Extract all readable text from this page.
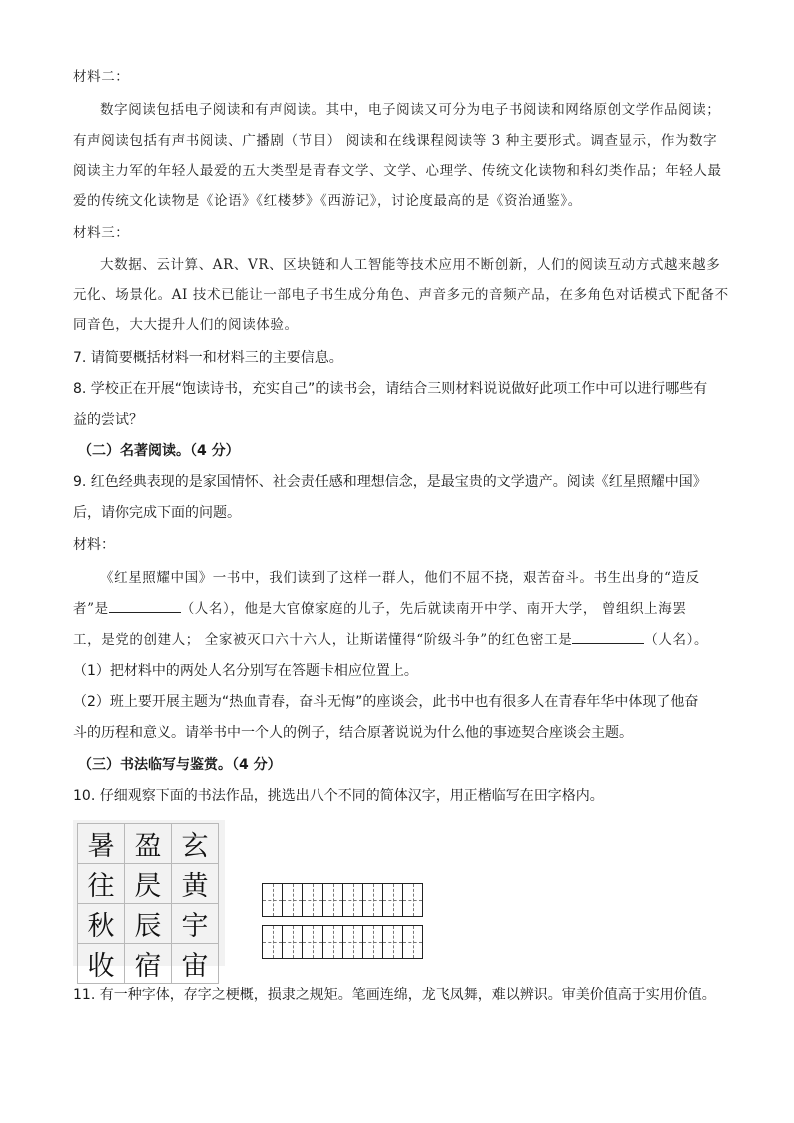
材料二：
数字阅读包括电子阅读和有声阅读。其中，电子阅读又可分为电子书阅读和网络原创文学作品阅读；
有声阅读包括有声书阅读、广播剧（节目） 阅读和在线课程阅读等 3 种主要形式。调查显示，作为数字
阅读主力军的年轻人最爱的五大类型是青春文学、文学、心理学、传统文化读物和科幻类作品；年轻人最
爱的传统文化读物是《论语》《红楼梦》《西游记》，讨论度最高的是《资治通鉴》。
材料三：
大数据、云计算、AR、VR、区块链和人工智能等技术应用不断创新，人们的阅读互动方式越来越多
元化、场景化。AI 技术已能让一部电子书生成分角色、声音多元的音频产品，在多角色对话模式下配备不
同音色，大大提升人们的阅读体验。
7. 请简要概括材料一和材料三的主要信息。
8. 学校正在开展“饱读诗书，充实自己”的读书会，请结合三则材料说说做好此项工作中可以进行哪些有
益的尝试？
（二）名著阅读。（4 分）
9. 红色经典表现的是家国情怀、社会责任感和理想信念，是最宝贵的文学遗产。阅读《红星照耀中国》
后，请你完成下面的问题。
材料：
《红星照耀中国》一书中，我们读到了这样一群人，他们不屈不挠，艰苦奋斗。书生出身的“造反
者”是	（人名），他是大官僚家庭的儿子，先后就读南开中学、南开大学， 曾组织上海罢
工，是党的创建人； 全家被灭口六十六人，让斯诺懂得“阶级斗争”的红色密工是	（人名）。
（1）把材料中的两处人名分别写在答题卡相应位置上。
（2）班上要开展主题为“热血青春，奋斗无悔”的座谈会，此书中也有很多人在青春年华中体现了他奋
斗的历程和意义。请举书中一个人的例子，结合原著说说为什么他的事迹契合座谈会主题。
（三）书法临写与鉴赏。（4 分）
10. 仔细观察下面的书法作品，挑选出八个不同的简体汉字，用正楷临写在田字格内。
暑	盈	玄
往	昃	黄
秋	辰	宇
收	宿	宙

11. 有一种字体，存字之梗概，损隶之规矩。笔画连绵，龙飞凤舞，难以辨识。审美价值高于实用价值。
